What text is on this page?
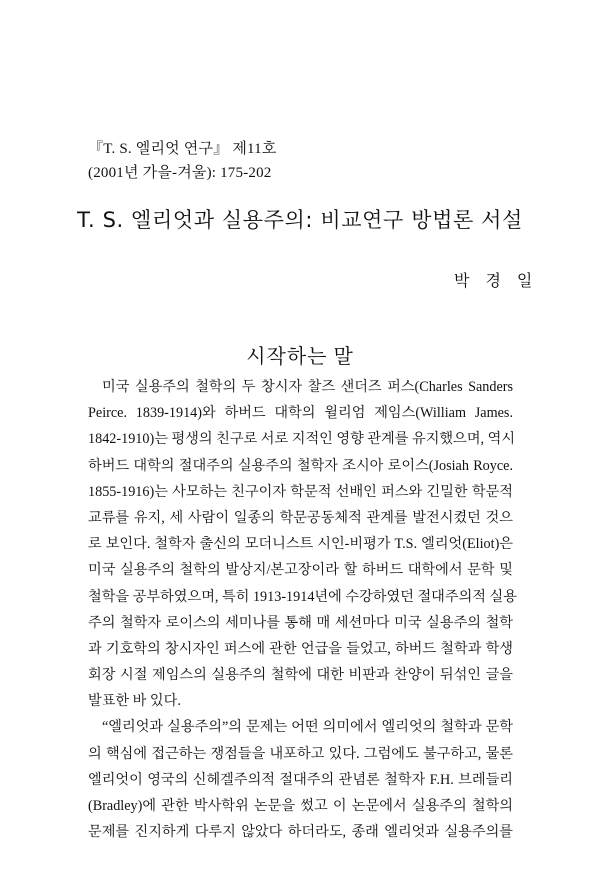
『T. S. 엘리엇 연구』 제11호
(2001년 가을-겨울): 175-202
T. S. 엘리엇과 실용주의: 비교연구 방법론 서설
박 경 일
시작하는 말
미국 실용주의 철학의 두 창시자 찰즈 샌더즈 퍼스(Charles Sanders
Peirce. 1839-1914)와 하버드 대학의 윌리엄 제임스(William James.
1842-1910)는 평생의 친구로 서로 지적인 영향 관계를 유지했으며, 역시
하버드 대학의 절대주의 실용주의 철학자 조시아 로이스(Josiah Royce.
1855-1916)는 사모하는 친구이자 학문적 선배인 퍼스와 긴밀한 학문적
교류를 유지, 세 사람이 일종의 학문공동체적 관계를 발전시켰던 것으
로 보인다. 철학자 출신의 모더니스트 시인-비평가 T.S. 엘리엇(Eliot)은
미국 실용주의 철학의 발상지/본고장이라 할 하버드 대학에서 문학 및
철학을 공부하였으며, 특히 1913-1914년에 수강하였던 절대주의적 실용
주의 철학자 로이스의 세미나를 통해 매 세션마다 미국 실용주의 철학
과 기호학의 창시자인 퍼스에 관한 언급을 들었고, 하버드 철학과 학생
회장 시절 제임스의 실용주의 철학에 대한 비판과 찬양이 뒤섞인 글을
발표한 바 있다.
“엘리엇과 실용주의”의 문제는 어떤 의미에서 엘리엇의 철학과 문학
의 핵심에 접근하는 쟁점들을 내포하고 있다. 그럼에도 불구하고, 물론
엘리엇이 영국의 신헤겔주의적 절대주의 관념론 철학자 F.H. 브레들리
(Bradley)에 관한 박사학위 논문을 썼고 이 논문에서 실용주의 철학의
문제를 진지하게 다루지 않았다 하더라도, 종래 엘리엇과 실용주의를
